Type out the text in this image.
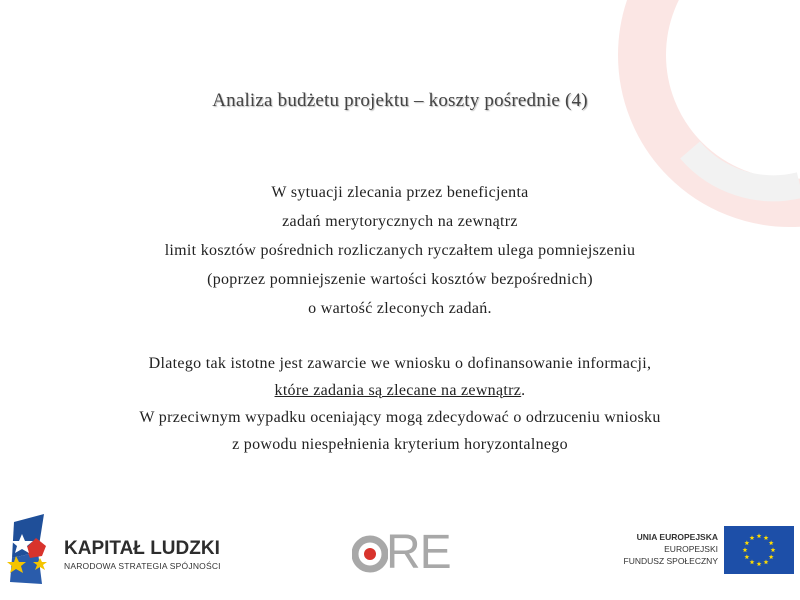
Analiza budżetu projektu – koszty pośrednie (4)
W sytuacji zlecania przez beneficjenta
zadań merytorycznych na zewnątrz
limit kosztów pośrednich rozliczanych ryczałtem ulega pomniejszeniu
(poprzez pomniejszenie wartości kosztów bezpośrednich)
o wartość zleconych zadań.
Dlatego tak istotne jest zawarcie we wniosku o dofinansowanie informacji,
które zadania są zlecane na zewnątrz.
W przeciwnym wypadku oceniający mogą zdecydować o odrzuceniu wniosku
z powodu niespełnienia kryterium horyzontalnego
KAPITAŁ LUDZKI
NARODOWA STRATEGIA SPÓJNOŚCI	RE	UNIA EUROPEJSKA
EUROPEJSKI
FUNDUSZ SPOŁECZNY
